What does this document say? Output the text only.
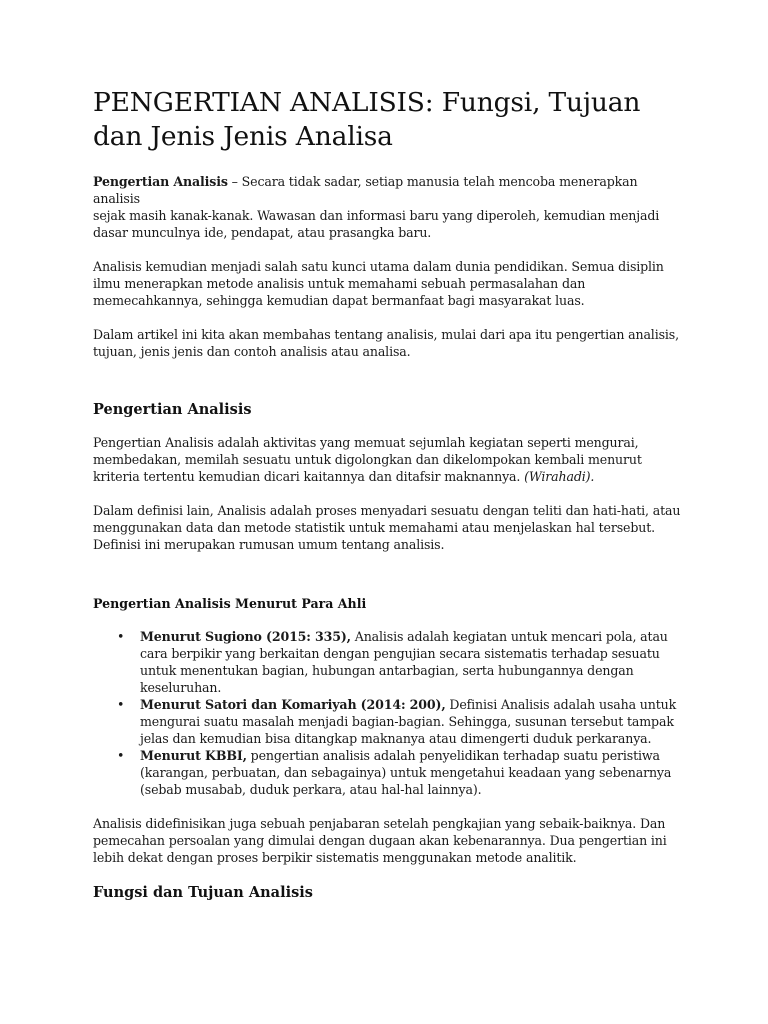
PENGERTIAN ANALISIS: Fungsi, Tujuan
dan Jenis Jenis Analisa

Pengertian Analisis – Secara tidak sadar, setiap manusia telah mencoba menerapkan analisis
sejak masih kanak-kanak. Wawasan dan informasi baru yang diperoleh, kemudian menjadi
dasar munculnya ide, pendapat, atau prasangka baru.

Analisis kemudian menjadi salah satu kunci utama dalam dunia pendidikan. Semua disiplin
ilmu menerapkan metode analisis untuk memahami sebuah permasalahan dan
memecahkannya, sehingga kemudian dapat bermanfaat bagi masyarakat luas.

Dalam artikel ini kita akan membahas tentang analisis, mulai dari apa itu pengertian analisis,
tujuan, jenis jenis dan contoh analisis atau analisa.

Pengertian Analisis

Pengertian Analisis adalah aktivitas yang memuat sejumlah kegiatan seperti mengurai,
membedakan, memilah sesuatu untuk digolongkan dan dikelompokan kembali menurut
kriteria tertentu kemudian dicari kaitannya dan ditafsir maknannya. (Wirahadi).

Dalam definisi lain, Analisis adalah proses menyadari sesuatu dengan teliti dan hati-hati, atau
menggunakan data dan metode statistik untuk memahami atau menjelaskan hal tersebut.
Definisi ini merupakan rumusan umum tentang analisis.

Pengertian Analisis Menurut Para Ahli
• Menurut Sugiono (2015: 335), Analisis adalah kegiatan untuk mencari pola, atau
cara berpikir yang berkaitan dengan pengujian secara sistematis terhadap sesuatu
untuk menentukan bagian, hubungan antarbagian, serta hubungannya dengan
keseluruhan.

• Menurut Satori dan Komariyah (2014: 200), Definisi Analisis adalah usaha untuk
mengurai suatu masalah menjadi bagian-bagian. Sehingga, susunan tersebut tampak
jelas dan kemudian bisa ditangkap maknanya atau dimengerti duduk perkaranya.

• Menurut KBBI, pengertian analisis adalah penyelidikan terhadap suatu peristiwa
(karangan, perbuatan, dan sebagainya) untuk mengetahui keadaan yang sebenarnya
(sebab musabab, duduk perkara, atau hal-hal lainnya).

Analisis didefinisikan juga sebuah penjabaran setelah pengkajian yang sebaik-baiknya. Dan
pemecahan persoalan yang dimulai dengan dugaan akan kebenarannya. Dua pengertian ini
lebih dekat dengan proses berpikir sistematis menggunakan metode analitik.

Fungsi dan Tujuan Analisis
